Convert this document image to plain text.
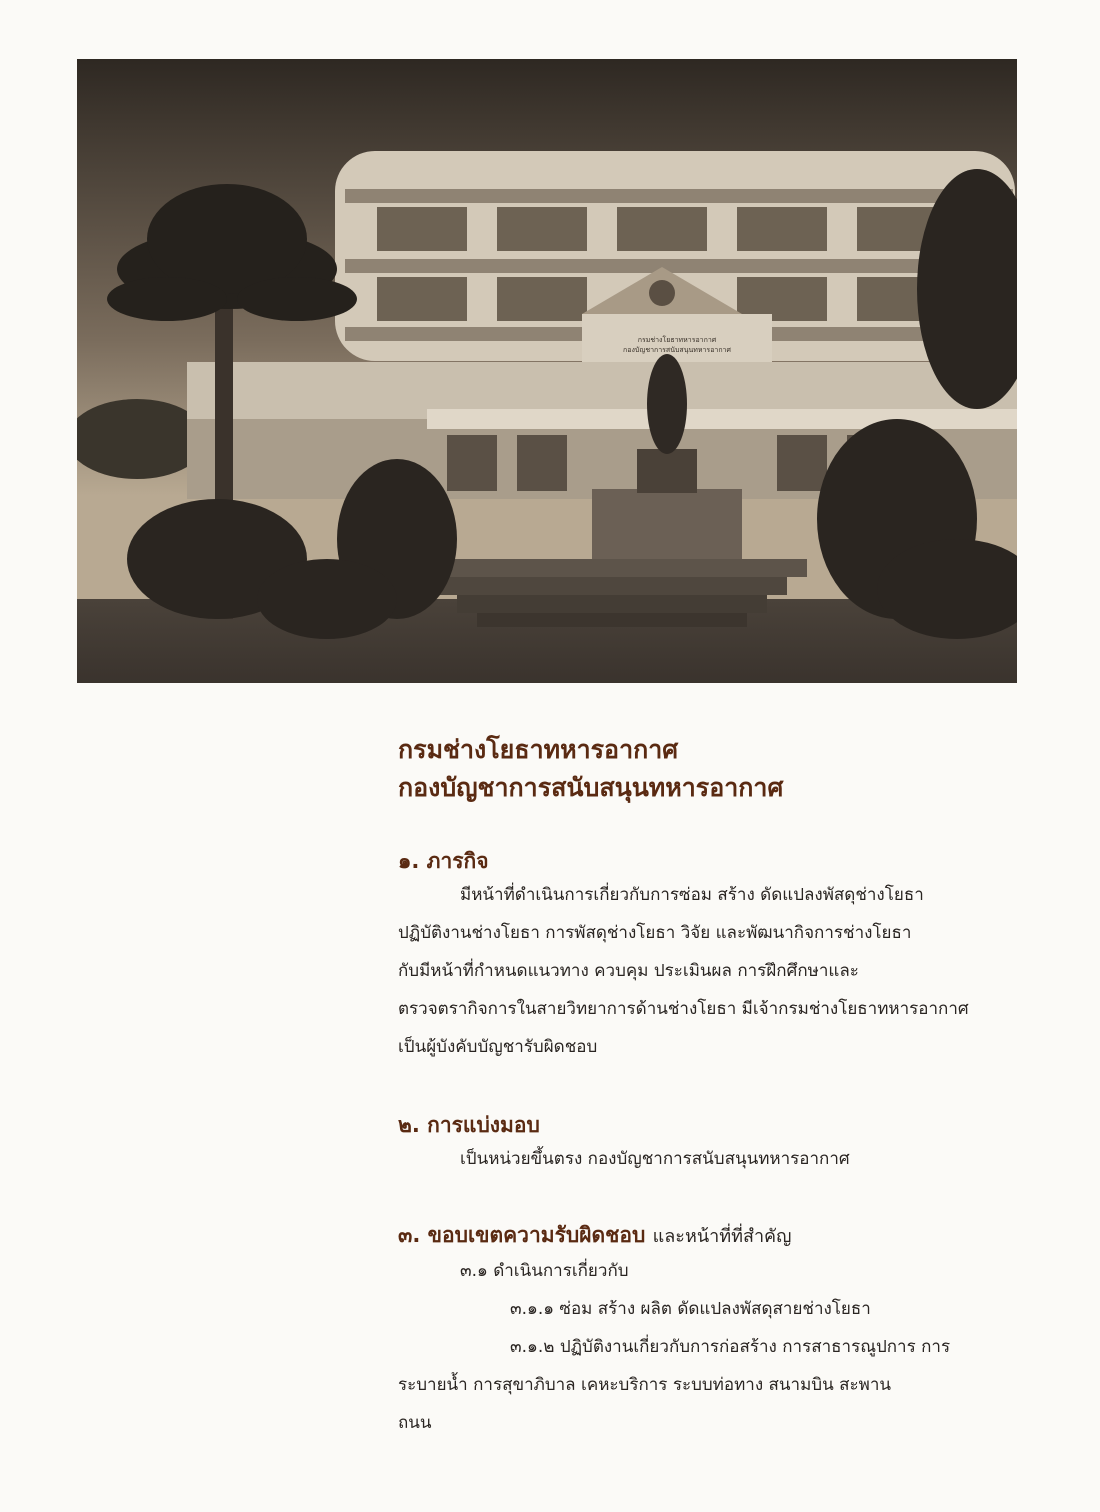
กรมช่างโยธาทหารอากาศ
กองบัญชาการสนับสนุนทหารอากาศ
กรมช่างโยธาทหารอากาศ
กองบัญชาการสนับสนุนทหารอากาศ
๑. ภารกิจ

มีหน้าที่ดำเนินการเกี่ยวกับการซ่อม สร้าง ดัดแปลงพัสดุช่างโยธา

ปฏิบัติงานช่างโยธา การพัสดุช่างโยธา วิจัย และพัฒนากิจการช่างโยธา

กับมีหน้าที่กำหนดแนวทาง ควบคุม ประเมินผล การฝึกศึกษาและ

ตรวจตรากิจการในสายวิทยาการด้านช่างโยธา มีเจ้ากรมช่างโยธาทหารอากาศ

เป็นผู้บังคับบัญชารับผิดชอบ

๒. การแบ่งมอบ

เป็นหน่วยขึ้นตรง กองบัญชาการสนับสนุนทหารอากาศ

๓. ขอบเขตความรับผิดชอบ และหน้าที่ที่สำคัญ

๓.๑ ดำเนินการเกี่ยวกับ

๓.๑.๑ ซ่อม สร้าง ผลิต ดัดแปลงพัสดุสายช่างโยธา

๓.๑.๒ ปฏิบัติงานเกี่ยวกับการก่อสร้าง การสาธารณูปการ การ

ระบายน้ำ การสุขาภิบาล เคหะบริการ ระบบท่อทาง สนามบิน สะพาน

ถนน
